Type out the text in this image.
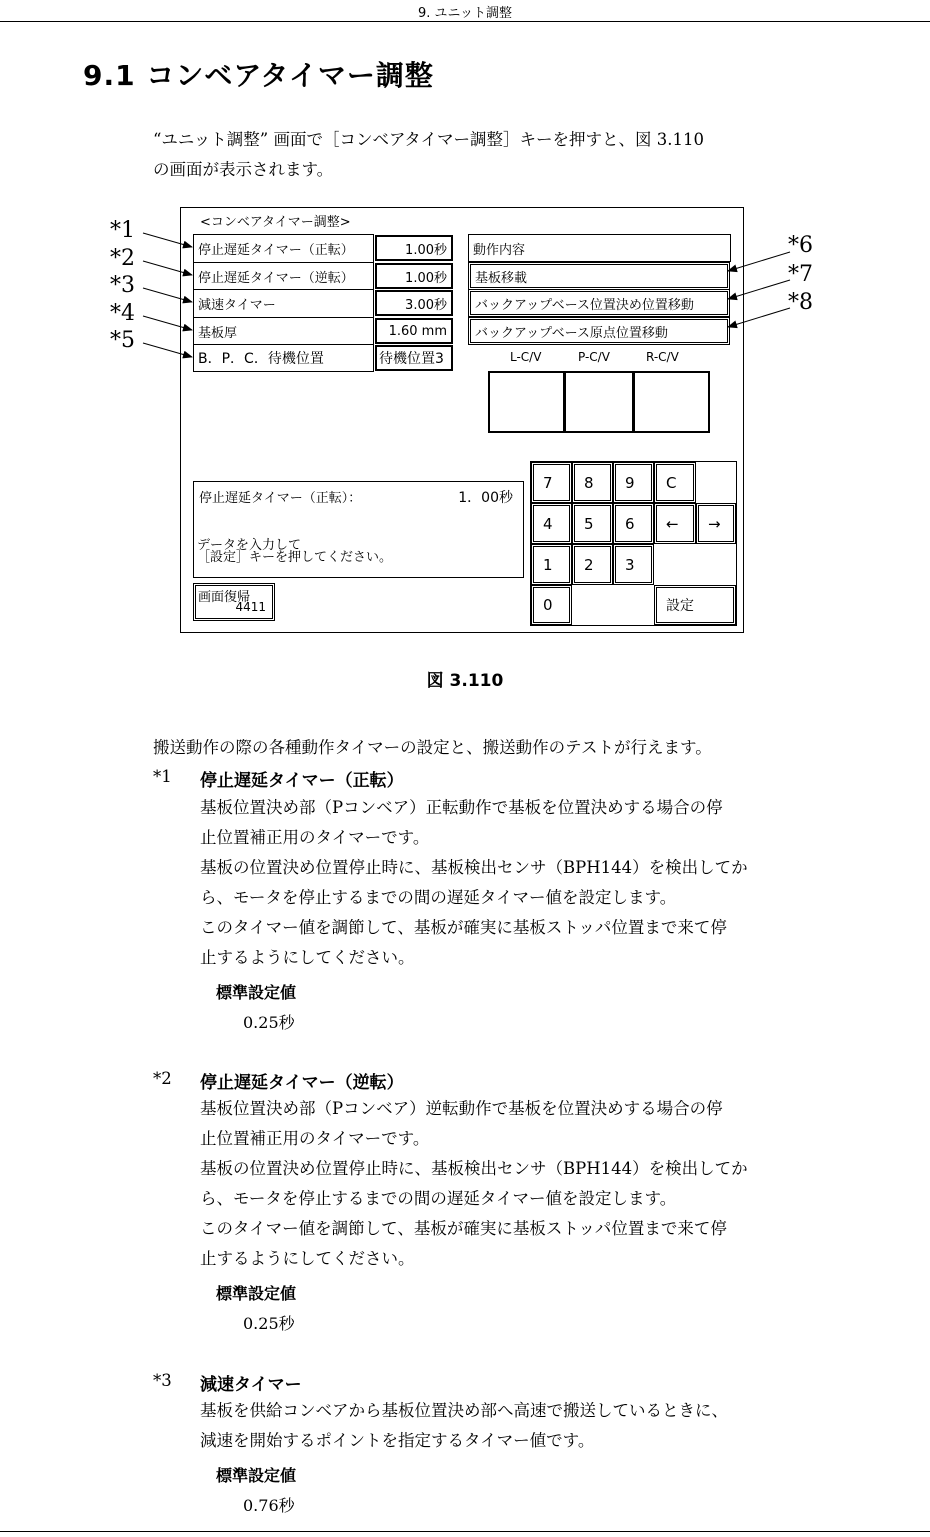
9. ユニット調整
9.1 コンベアタイマー調整
“ユニット調整” 画面で［コンベアタイマー調整］キーを押すと、図 3.110
の画面が表示されます。
<コンベアタイマー調整>
停止遅延タイマー（正転）	1.00秒
停止遅延タイマー（逆転）	1.00秒
減速タイマー	3.00秒
基板厚	1.60 mm
B．P．C．待機位置	待機位置3
動作内容
基板移載
バックアップベース位置決め位置移動
バックアップベース原点位置移動
L-C/V	P-C/V	R-C/V
停止遅延タイマー（正転）：	1．00秒
データを入力して
［設定］キーを押してください。
画面復帰
4411
7	8	9	C
4	5	6	←	→
1	2	3
0	設定
*1
*2
*3
*4
*5
*6
*7
*8
図 3.110
搬送動作の際の各種動作タイマーの設定と、搬送動作のテストが行えます。
*1 停止遅延タイマー（正転）
基板位置決め部（Pコンベア）正転動作で基板を位置決めする場合の停
止位置補正用のタイマーです。
基板の位置決め位置停止時に、基板検出センサ（BPH144）を検出してか
ら、モータを停止するまでの間の遅延タイマー値を設定します。
このタイマー値を調節して、基板が確実に基板ストッパ位置まで来て停
止するようにしてください。
標準設定値
0.25秒
*2 停止遅延タイマー（逆転）
基板位置決め部（Pコンベア）逆転動作で基板を位置決めする場合の停
止位置補正用のタイマーです。
基板の位置決め位置停止時に、基板検出センサ（BPH144）を検出してか
ら、モータを停止するまでの間の遅延タイマー値を設定します。
このタイマー値を調節して、基板が確実に基板ストッパ位置まで来て停
止するようにしてください。
標準設定値
0.25秒
*3 減速タイマー
基板を供給コンベアから基板位置決め部へ高速で搬送しているときに、
減速を開始するポイントを指定するタイマー値です。
標準設定値
0.76秒
